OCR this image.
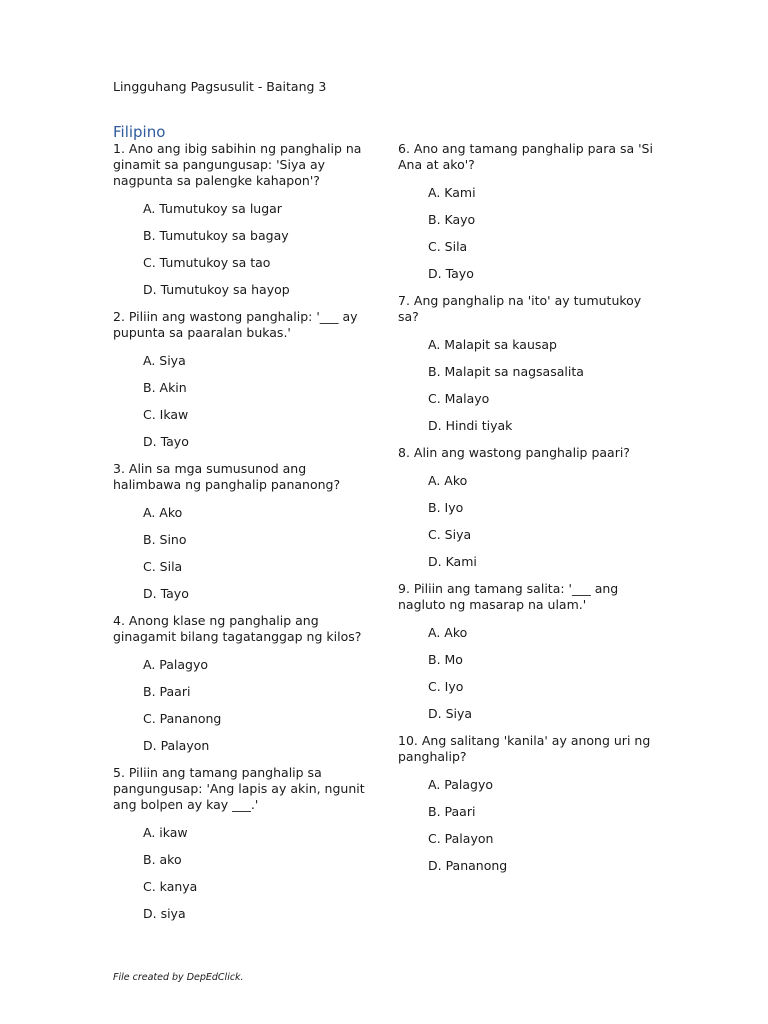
Lingguhang Pagsusulit - Baitang 3
Filipino

1. Ano ang ibig sabihin ng panghalip na ginamit sa pangungusap: 'Siya ay nagpunta sa palengke kahapon'?

A. Tumutukoy sa lugar

B. Tumutukoy sa bagay

C. Tumutukoy sa tao

D. Tumutukoy sa hayop

2. Piliin ang wastong panghalip: '___ ay pupunta sa paaralan bukas.'

A. Siya

B. Akin

C. Ikaw

D. Tayo

3. Alin sa mga sumusunod ang halimbawa ng panghalip pananong?

A. Ako

B. Sino

C. Sila

D. Tayo

4. Anong klase ng panghalip ang ginagamit bilang tagatanggap ng kilos?

A. Palagyo

B. Paari

C. Pananong

D. Palayon

5. Piliin ang tamang panghalip sa pangungusap: 'Ang lapis ay akin, ngunit ang bolpen ay kay ___.'

A. ikaw

B. ako

C. kanya

D. siya

6. Ano ang tamang panghalip para sa 'Si Ana at ako'?

A. Kami

B. Kayo

C. Sila

D. Tayo

7. Ang panghalip na 'ito' ay tumutukoy sa?

A. Malapit sa kausap

B. Malapit sa nagsasalita

C. Malayo

D. Hindi tiyak

8. Alin ang wastong panghalip paari?

A. Ako

B. Iyo

C. Siya

D. Kami

9. Piliin ang tamang salita: '___ ang nagluto ng masarap na ulam.'

A. Ako

B. Mo

C. Iyo

D. Siya

10. Ang salitang 'kanila' ay anong uri ng panghalip?

A. Palagyo

B. Paari

C. Palayon

D. Pananong

File created by DepEdClick.
